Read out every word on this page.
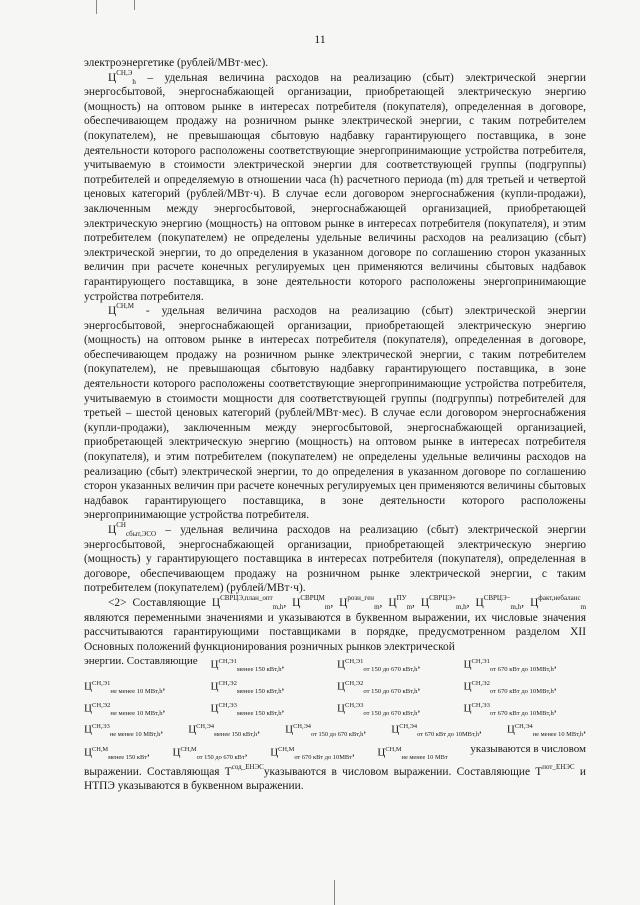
11

электроэнергетике (рублей/МВт·мес).

$Ц^{СН,Э}_h$ – удельная величина расходов на реализацию (сбыт) электрической энергии энергосбытовой, энергоснабжающей организации, приобретающей электрическую энергию (мощность) на оптовом рынке в интересах потребителя (покупателя), определенная в договоре, обеспечивающем продажу на розничном рынке электрической энергии, с таким потребителем (покупателем), не превышающая сбытовую надбавку гарантирующего поставщика, в зоне деятельности которого расположены соответствующие энергопринимающие устройства потребителя, учитываемую в стоимости электрической энергии для соответствующей группы (подгруппы) потребителей и определяемую в отношении часа (h) расчетного периода (m) для третьей и четвертой ценовых категорий (рублей/МВт·ч). В случае если договором энергоснабжения (купли-продажи), заключенным между энергосбытовой, энергоснабжающей организацией, приобретающей электрическую энергию (мощность) на оптовом рынке в интересах потребителя (покупателя), и этим потребителем (покупателем) не определены удельные величины расходов на реализацию (сбыт) электрической энергии, то до определения в указанном договоре по соглашению сторон указанных величин при расчете конечных регулируемых цен применяются величины сбытовых надбавок гарантирующего поставщика, в зоне деятельности которого расположены энергопринимающие устройства потребителя.

$Ц^{СН,М}$ - удельная величина расходов на реализацию (сбыт) электрической энергии энергосбытовой, энергоснабжающей организации, приобретающей электрическую энергию (мощность) на оптовом рынке в интересах потребителя (покупателя), определенная в договоре, обеспечивающем продажу на розничном рынке электрической энергии, с таким потребителем (покупателем), не превышающая сбытовую надбавку гарантирующего поставщика, в зоне деятельности которого расположены соответствующие энергопринимающие устройства потребителя, учитываемую в стоимости мощности для соответствующей группы (подгруппы) потребителей для третьей – шестой ценовых категорий (рублей/МВт·мес). В случае если договором энергоснабжения (купли-продажи), заключенным между энергосбытовой, энергоснабжающей организацией, приобретающей электрическую энергию (мощность) на оптовом рынке в интересах потребителя (покупателя), и этим потребителем (покупателем) не определены удельные величины расходов на реализацию (сбыт) электрической энергии, то до определения в указанном договоре по соглашению сторон указанных величин при расчете конечных регулируемых цен применяются величины сбытовых надбавок гарантирующего поставщика, в зоне деятельности которого расположены энергопринимающие устройства потребителя.

$Ц^{СН}_{сбыт,ЭСО}$ – удельная величина расходов на реализацию (сбыт) электрической энергии энергосбытовой, энергоснабжающей организации, приобретающей электрическую энергию (мощность) у гарантирующего поставщика в интересах потребителя (покупателя), определенная в договоре, обеспечивающем продажу на розничном рынке электрической энергии, с таким потребителем (покупателем) (рублей/МВт·ч).

<2> Составляющие $Ц^{СВРЦЭ,план\_опт}_{m,h}$, $Ц^{СВРЦМ}_m$, $Ц^{розн\_ген}_m$, $Ц^{ПУ}_m$, $Ц^{СВРЦЭ+}_{m,h}$, $Ц^{СВРЦЭ-}_{m,h}$, $Ц^{факт,небаланс}_m$ являются переменными значениями и указываются в буквенном выражении, их числовые значения рассчитываются гарантирующими поставщиками в порядке, предусмотренном разделом XII Основных положений функционирования розничных рынков электрической

энергии. Составляющие	$Ц^{СН,Э1}_{менее 150 кВт,h}$,	$Ц^{СН,Э1}_{от 150 до 670 кВт,h}$,	$Ц^{СН,Э1}_{от 670 кВт до 10МВт,h}$,
$Ц^{СН,Э1}_{не менее 10 МВт,h}$,	$Ц^{СН,Э2}_{менее 150 кВт,h}$,	$Ц^{СН,Э2}_{от 150 до 670 кВт,h}$,	$Ц^{СН,Э2}_{от 670 кВт до 10МВт,h}$,
$Ц^{СН,Э2}_{не менее 10 МВт,h}$,	$Ц^{СН,Э3}_{менее 150 кВт,h}$,	$Ц^{СН,Э3}_{от 150 до 670 кВт,h}$,	$Ц^{СН,Э3}_{от 670 кВт до 10МВт,h}$,
$Ц^{СН,Э3}_{не менее 10 МВт,h}$, $Ц^{СН,Э4}_{менее 150 кВт,h}$, $Ц^{СН,Э4}_{от 150 до 670 кВт,h}$, $Ц^{СН,Э4}_{от 670 кВт до 10МВт,h}$, $Ц^{СН,Э4}_{не менее 10 МВт,h}$,
$Ц^{СН,М}_{менее 150 кВт}$, $Ц^{СН,М}_{от 150 до 670 кВт}$, $Ц^{СН,М}_{от 670 кВт до 10МВт}$, $Ц^{СН,М}_{не менее 10 МВт}$
указываются в числовом

выражении. Составляющая $Т^{сод\_ЕНЭС}указываются$ в числовом выражении. Составляющие $Т^{пот\_ЕНЭС}$ и НТПЭ указываются в буквенном выражении.
